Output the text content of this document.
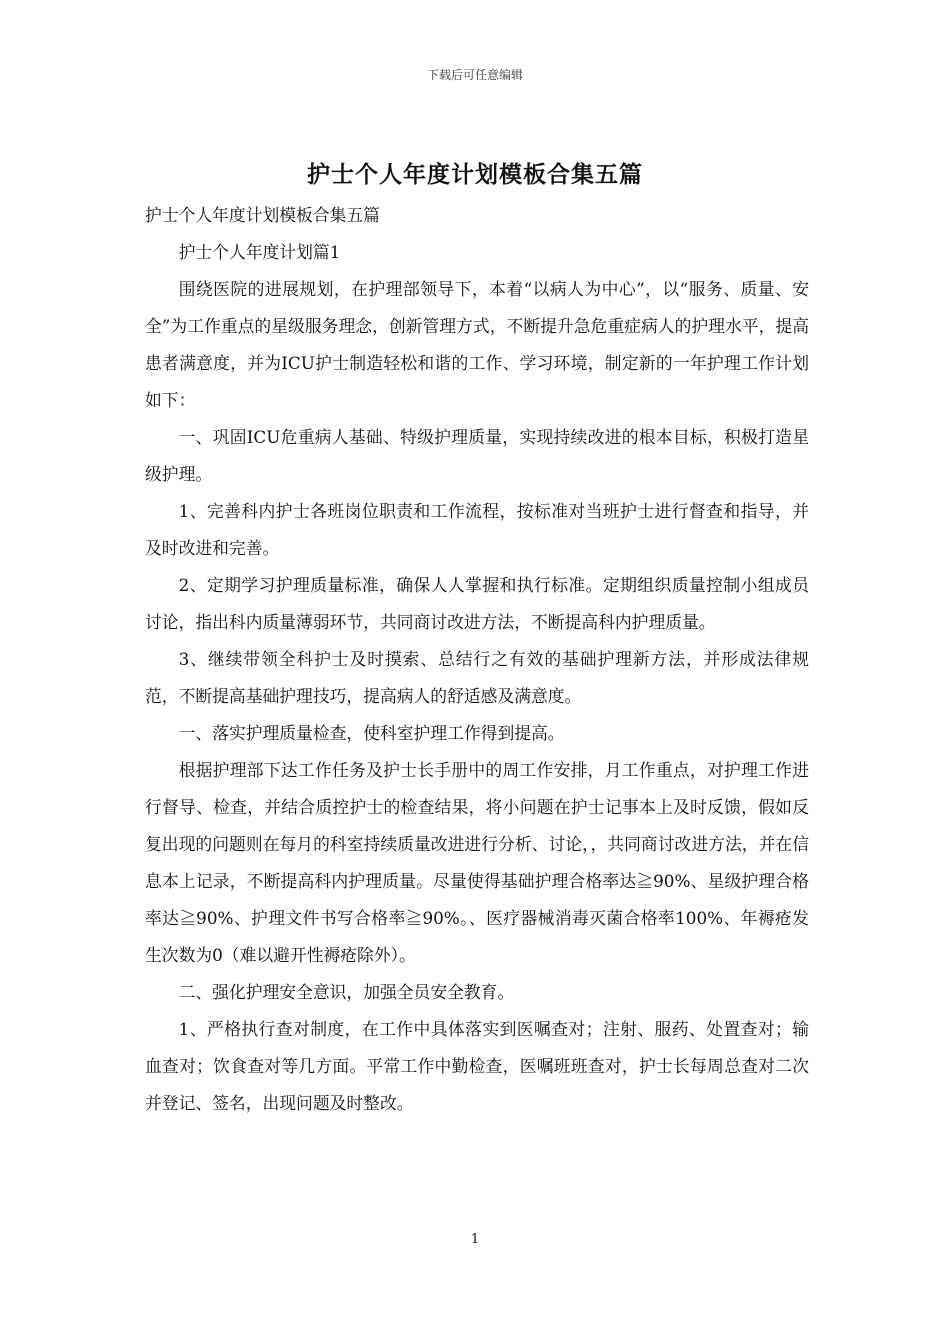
下载后可任意编辑
护士个人年度计划模板合集五篇

护士个人年度计划模板合集五篇

护士个人年度计划篇1

围绕医院的进展规划，在护理部领导下，本着“以病人为中心”，以“服务、质量、安全”为工作重点的星级服务理念，创新管理方式，不断提升急危重症病人的护理水平，提高患者满意度，并为ICU护士制造轻松和谐的工作、学习环境，制定新的一年护理工作计划如下：

一、巩固ICU危重病人基础、特级护理质量，实现持续改进的根本目标，积极打造星级护理。

1、完善科内护士各班岗位职责和工作流程，按标准对当班护士进行督查和指导，并及时改进和完善。

2、定期学习护理质量标准，确保人人掌握和执行标准。定期组织质量控制小组成员讨论，指出科内质量薄弱环节，共同商讨改进方法，不断提高科内护理质量。

3、继续带领全科护士及时摸索、总结行之有效的基础护理新方法，并形成法律规范，不断提高基础护理技巧，提高病人的舒适感及满意度。

一、落实护理质量检查，使科室护理工作得到提高。

根据护理部下达工作任务及护士长手册中的周工作安排，月工作重点，对护理工作进行督导、检查，并结合质控护士的检查结果，将小问题在护士记事本上及时反馈，假如反复出现的问题则在每月的科室持续质量改进进行分析、讨论，，共同商讨改进方法，并在信息本上记录，不断提高科内护理质量。尽量使得基础护理合格率达≧90%、星级护理合格率达≧90%、护理文件书写合格率≧90%。、医疗器械消毒灭菌合格率100%、年褥疮发生次数为0（难以避开性褥疮除外）。

二、强化护理安全意识，加强全员安全教育。

1、严格执行查对制度，在工作中具体落实到医嘱查对；注射、服药、处置查对；输血查对；饮食查对等几方面。平常工作中勤检查，医嘱班班查对，护士长每周总查对二次并登记、签名，出现问题及时整改。

1
